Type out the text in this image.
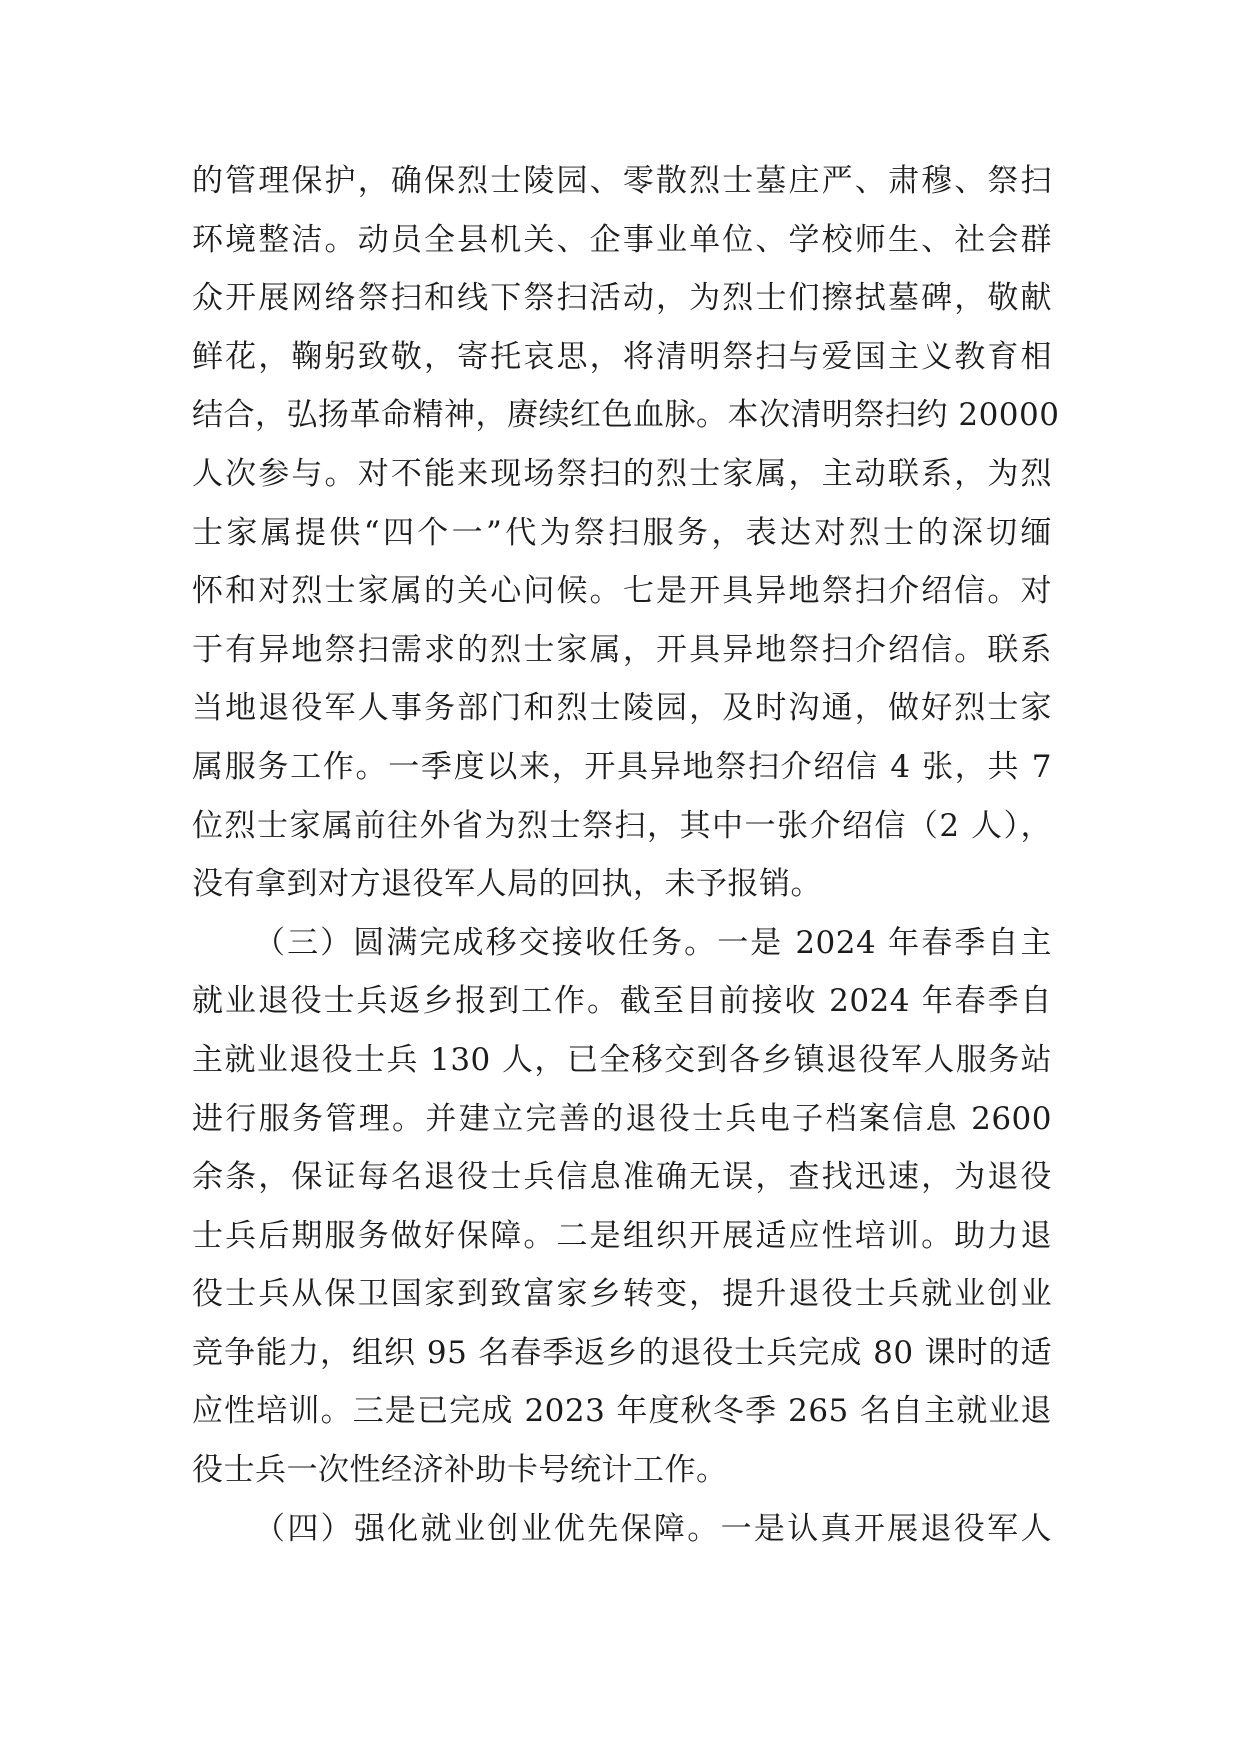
的管理保护，确保烈士陵园、零散烈士墓庄严、肃穆、祭扫
环境整洁。动员全县机关、企事业单位、学校师生、社会群
众开展网络祭扫和线下祭扫活动，为烈士们擦拭墓碑，敬献
鲜花，鞠躬致敬，寄托哀思，将清明祭扫与爱国主义教育相
结合，弘扬革命精神，赓续红色血脉。本次清明祭扫约 20000
人次参与。对不能来现场祭扫的烈士家属，主动联系，为烈
士家属提供“四个一”代为祭扫服务，表达对烈士的深切缅
怀和对烈士家属的关心问候。七是开具异地祭扫介绍信。对
于有异地祭扫需求的烈士家属，开具异地祭扫介绍信。联系
当地退役军人事务部门和烈士陵园，及时沟通，做好烈士家
属服务工作。一季度以来，开具异地祭扫介绍信 4 张，共 7
位烈士家属前往外省为烈士祭扫，其中一张介绍信（2 人），
没有拿到对方退役军人局的回执，未予报销。
（三）圆满完成移交接收任务。一是 2024 年春季自主
就业退役士兵返乡报到工作。截至目前接收 2024 年春季自
主就业退役士兵 130 人，已全移交到各乡镇退役军人服务站
进行服务管理。并建立完善的退役士兵电子档案信息 2600
余条，保证每名退役士兵信息准确无误，查找迅速，为退役
士兵后期服务做好保障。二是组织开展适应性培训。助力退
役士兵从保卫国家到致富家乡转变，提升退役士兵就业创业
竞争能力，组织 95 名春季返乡的退役士兵完成 80 课时的适
应性培训。三是已完成 2023 年度秋冬季 265 名自主就业退
役士兵一次性经济补助卡号统计工作。
（四）强化就业创业优先保障。一是认真开展退役军人
